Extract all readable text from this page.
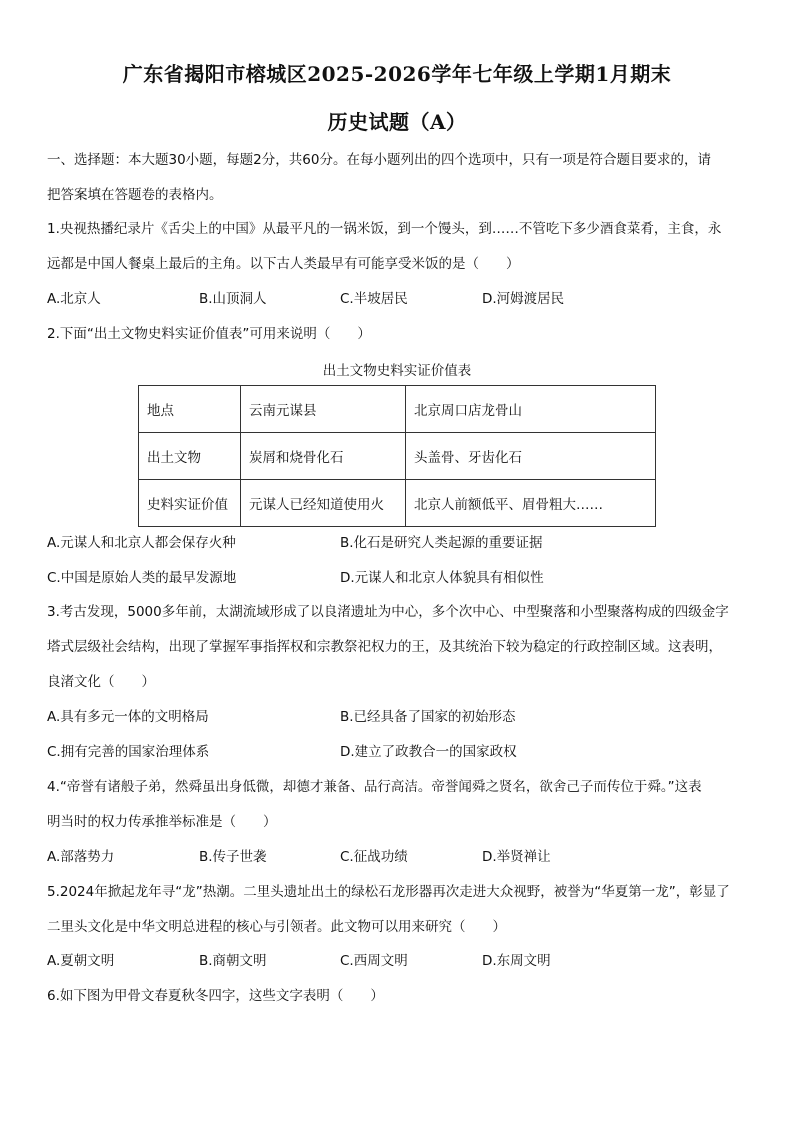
广东省揭阳市榕城区2025-2026学年七年级上学期1月期末
历史试题（A）
一、选择题：本大题30小题，每题2分，共60分。在每小题列出的四个选项中，只有一项是符合题目要求的，请
把答案填在答题卷的表格内。
1.央视热播纪录片《舌尖上的中国》从最平凡的一锅米饭，到一个馒头，到……不管吃下多少酒食菜肴，主食，永
远都是中国人餐桌上最后的主角。以下古人类最早有可能享受米饭的是（　　）
A.北京人	B.山顶洞人	C.半坡居民	D.河姆渡居民
2.下面“出土文物史料实证价值表”可用来说明（　　）
出土文物史料实证价值表
地点	云南元谋县	北京周口店龙骨山
出土文物	炭屑和烧骨化石	头盖骨、牙齿化石
史料实证价值	元谋人已经知道使用火	北京人前额低平、眉骨粗大……
A.元谋人和北京人都会保存火种	B.化石是研究人类起源的重要证据
C.中国是原始人类的最早发源地	D.元谋人和北京人体貌具有相似性
3.考古发现，5000多年前，太湖流域形成了以良渚遗址为中心，多个次中心、中型聚落和小型聚落构成的四级金字
塔式层级社会结构，出现了掌握军事指挥权和宗教祭祀权力的王，及其统治下较为稳定的行政控制区域。这表明，
良渚文化（　　）
A.具有多元一体的文明格局	B.已经具备了国家的初始形态
C.拥有完善的国家治理体系	D.建立了政教合一的国家政权
4.“帝誉有诸般子弟，然舜虽出身低微，却德才兼备、品行高洁。帝誉闻舜之贤名，欲舍己子而传位于舜。”这表
明当时的权力传承推举标准是（　　）
A.部落势力	B.传子世袭	C.征战功绩	D.举贤禅让
5.2024年掀起龙年寻“龙”热潮。二里头遗址出土的绿松石龙形器再次走进大众视野，被誉为“华夏第一龙”，彰显了
二里头文化是中华文明总进程的核心与引领者。此文物可以用来研究（　　）
A.夏朝文明	B.商朝文明	C.西周文明	D.东周文明
6.如下图为甲骨文春夏秋冬四字，这些文字表明（　　）
